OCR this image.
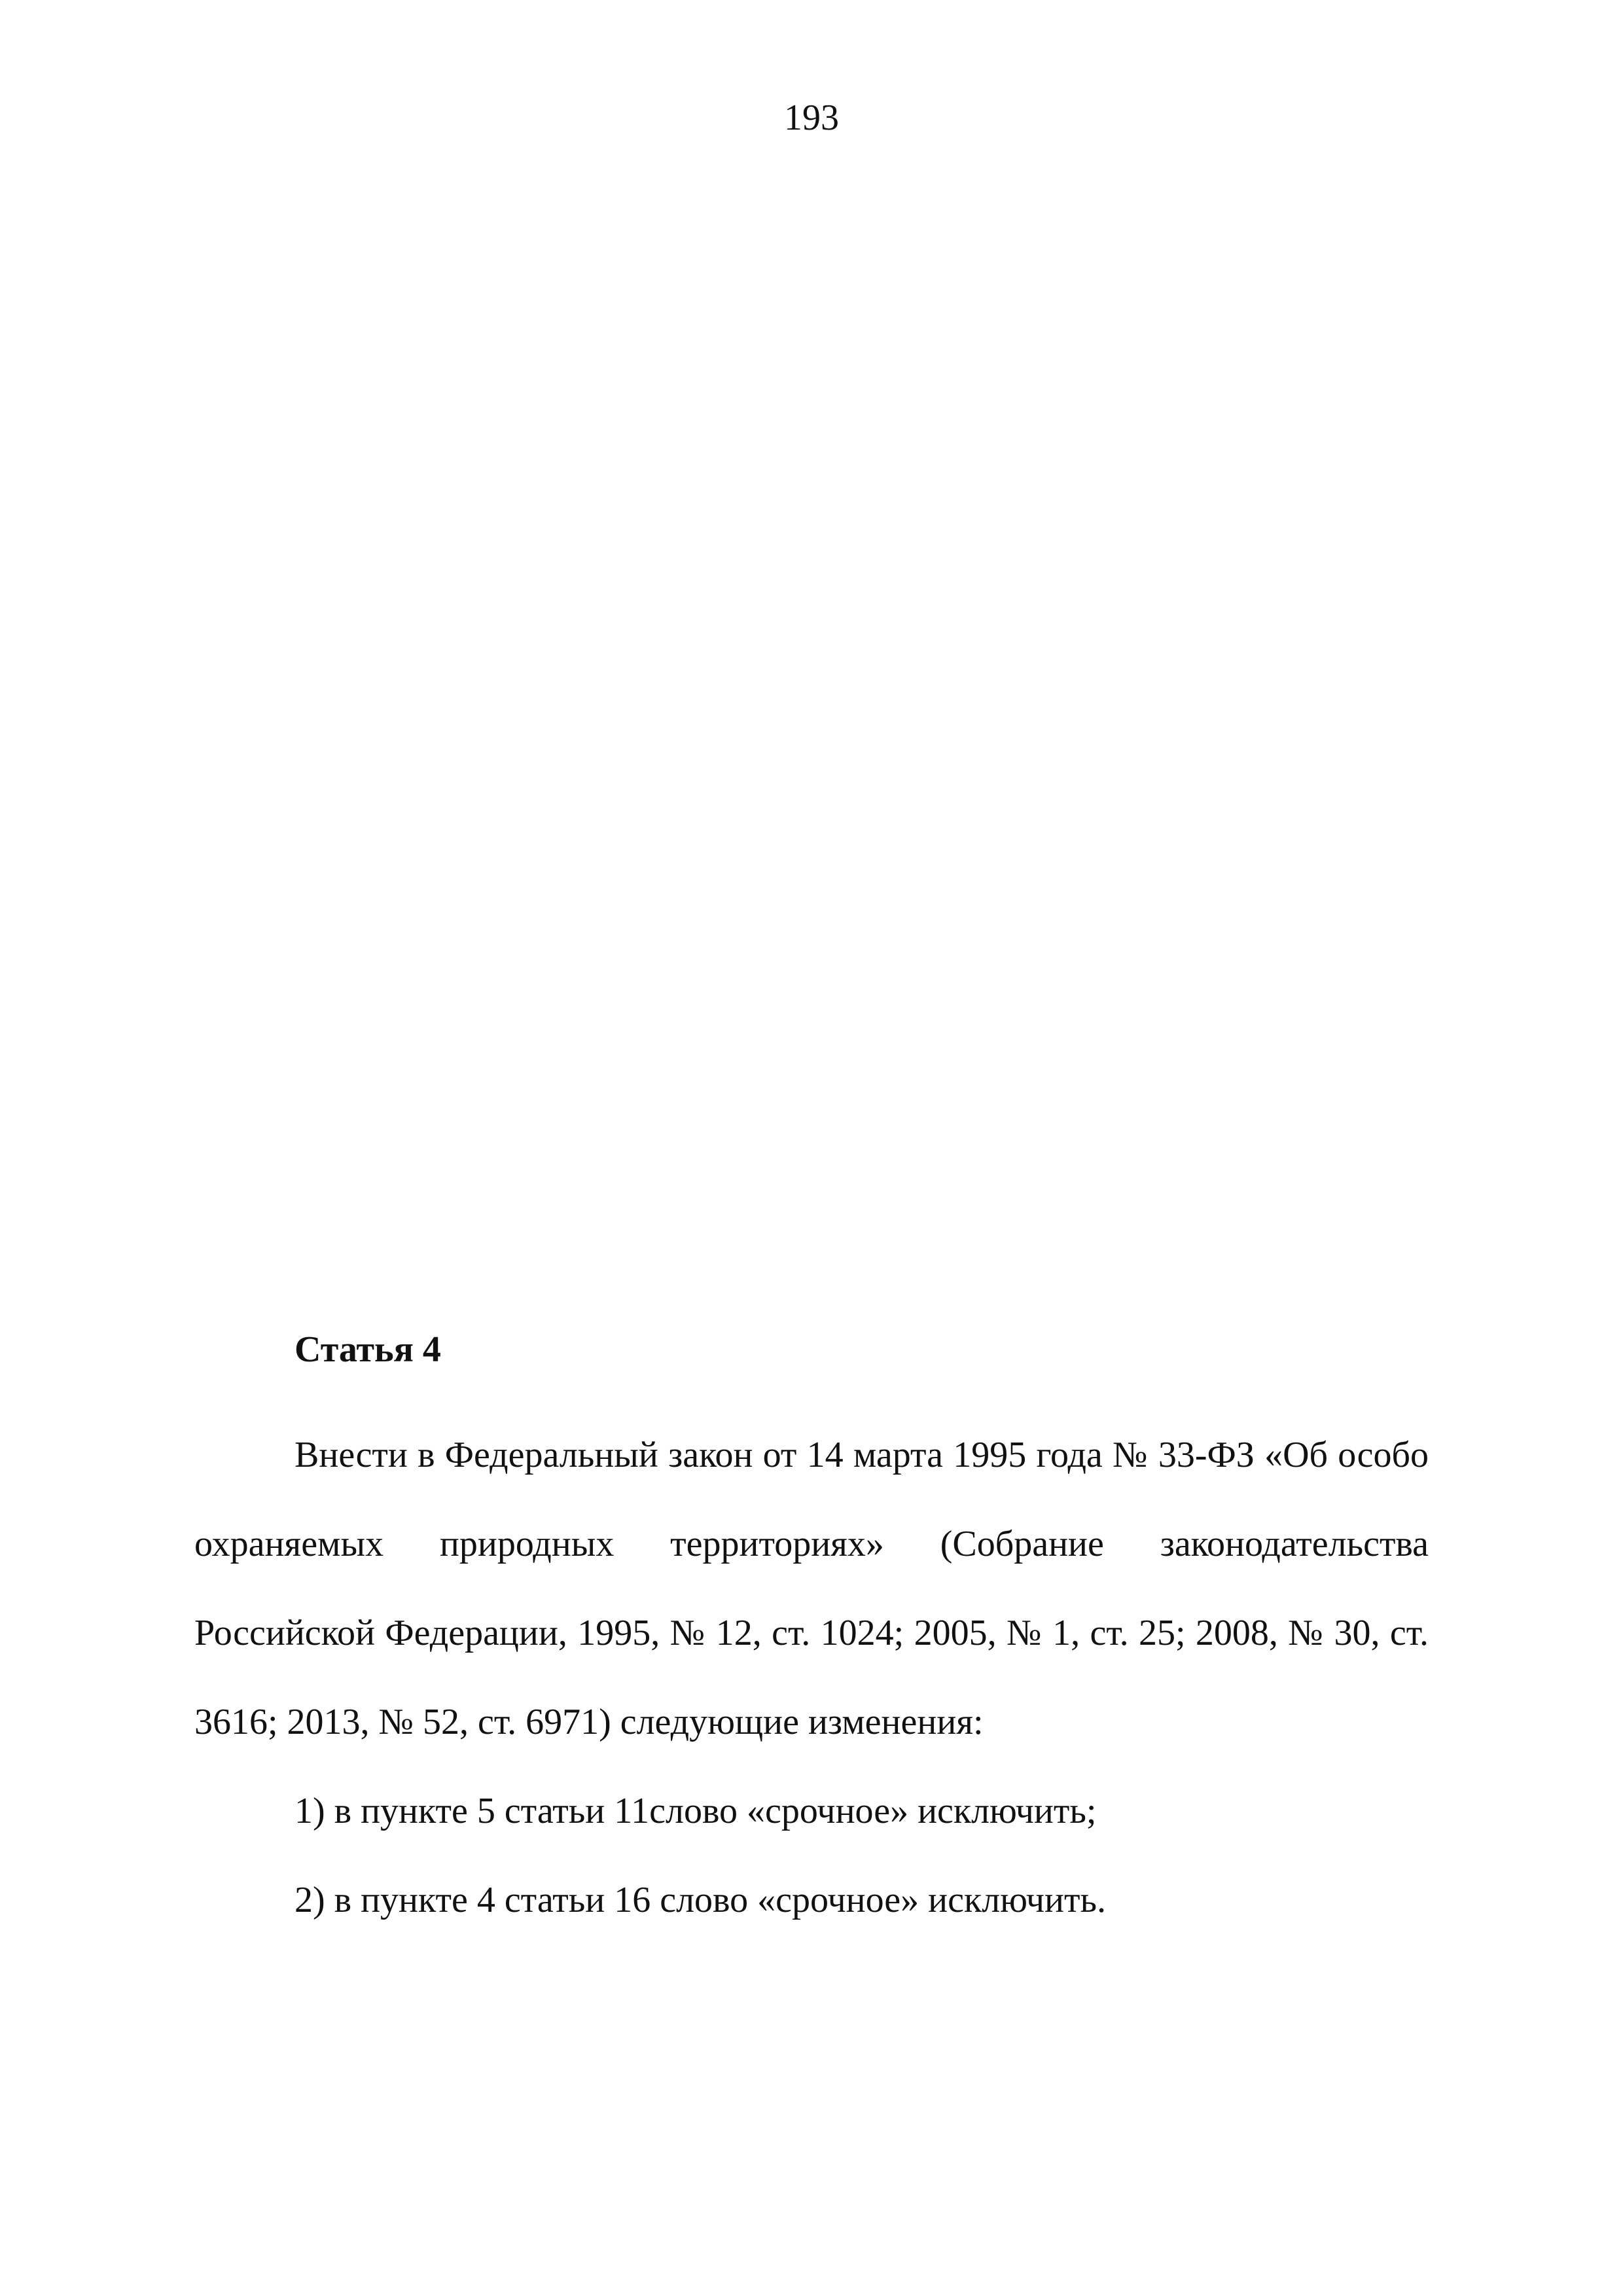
193
Статья 4

Внести в Федеральный закон от 14 марта 1995 года № 33-ФЗ «Об особо охраняемых природных территориях» (Собрание законодательства Российской Федерации, 1995, № 12, ст. 1024; 2005, № 1, ст. 25; 2008, № 30, ст. 3616; 2013, № 52, ст. 6971) следующие изменения:

1) в пункте 5 статьи 11слово «срочное» исключить;

2) в пункте 4 статьи 16 слово «срочное» исключить.
